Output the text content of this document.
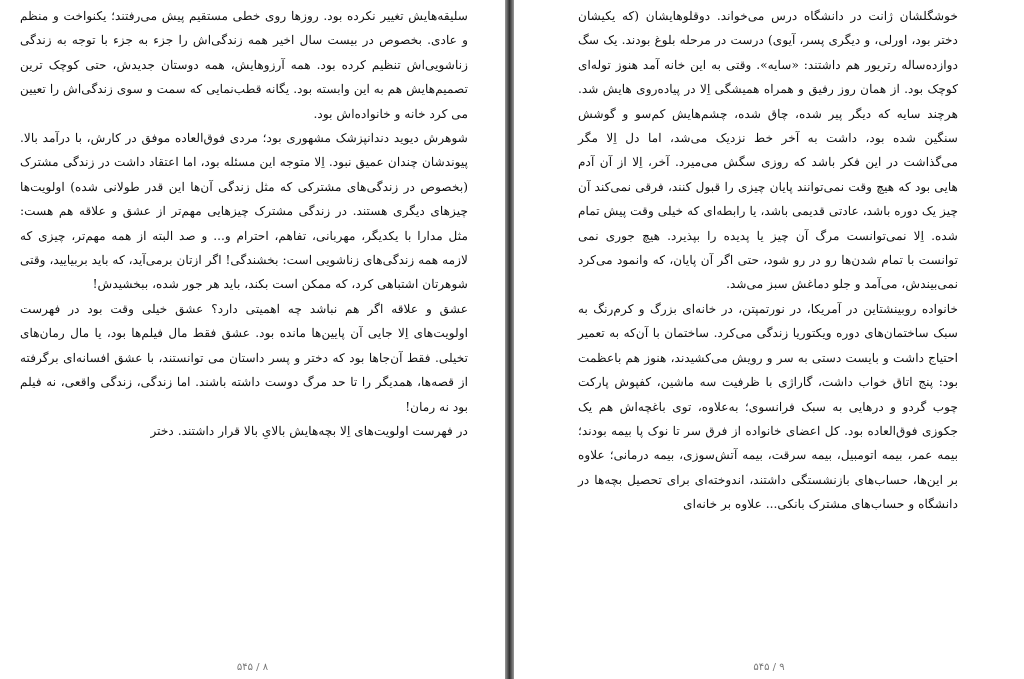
سلیقه‌هایش تغییر نکرده بود. روزها روی خطی مستقیم پیش می‌رفتند؛ یکنواخت و منظم و عادی. بخصوص در بیست سال اخیر همه زندگی‌اش را جزء به جزء با توجه به زندگی زناشویی‌اش تنظیم کرده بود. همه آرزوهایش، همه دوستان جدیدش، حتی کوچک ترین تصمیم‌هایش هم به این وابسته بود. یگانه قطب‌نمایی که سمت و سوی زندگی‌اش را تعیین می کرد خانه و خانواده‌اش بود.

شوهرش دیوید دندانپزشک مشهوری بود؛ مردی فوق‌العاده موفق در کارش، با درآمد بالا. پیوندشان چندان عمیق نبود. اِلا متوجه این مسئله بود، اما اعتقاد داشت در زندگی مشترک (بخصوص در زندگی‌های مشترکی که مثل زندگی آن‌ها این قدر طولانی شده) اولویت‌ها چیزهای دیگری هستند. در زندگی مشترک چیزهایی مهم‌تر از عشق و علاقه هم هست: مثل مدارا با یکدیگر، مهربانی، تفاهم، احترام و... و صد البته از همه مهم‌تر، چیزی که لازمه همه زندگی‌های زناشویی است: بخشندگی! اگر ازتان برمی‌آید، که باید بربیایید، وقتی شوهرتان اشتباهی کرد، که ممکن است بکند، باید هر جور شده، ببخشیدش!

عشق و علاقه اگر هم نباشد چه اهمیتی دارد؟ عشق خیلی وقت بود در فهرست اولویت‌های اِلا جایی آن پایین‌ها مانده بود. عشق فقط مال فیلم‌ها بود، یا مال رمان‌های تخیلی. فقط آن‌جاها بود که دختر و پسر داستان می توانستند، با عشق افسانه‌ای برگرفته از قصه‌ها، همدیگر را تا حد مرگ دوست داشته باشند. اما زندگی، زندگی واقعی، نه فیلم بود نه رمان!

در فهرست اولویت‌های اِلا بچه‌هایش بالایِ بالا قرار داشتند. دختر

۵۴۵ / ۸

خوشگلشان ژانت در دانشگاه درس می‌خواند. دوقلوهایشان (که یکیشان دختر بود، اورلی، و دیگری پسر، آیوی) درست در مرحله بلوغ بودند. یک سگ دوازده‌ساله رتریور هم داشتند: «سایه». وقتی به این خانه آمد هنوز توله‌ای کوچک بود. از همان روز رفیق و همراه همیشگی اِلا در پیاده‌روی هایش شد. هرچند سایه که دیگر پیر شده، چاق شده، چشم‌هایش کم‌سو و گوشش سنگین شده بود، داشت به آخر خط نزدیک می‌شد، اما دل اِلا مگر می‌گذاشت در این فکر باشد که روزی سگش می‌میرد. آخر، اِلا از آن آدم هایی بود که هیچ وقت نمی‌توانند پایان چیزی را قبول کنند، فرقی نمی‌کند آن چیز یک دوره باشد، عادتی قدیمی باشد، یا رابطه‌ای که خیلی وقت پیش تمام شده. اِلا نمی‌توانست مرگ آن چیز یا پدیده را بپذیرد. هیچ جوری نمی توانست با تمام شدن‌ها رو در رو شود، حتی اگر آن پایان، که وانمود می‌کرد نمی‌بیندش، می‌آمد و جلو دماغش سبز می‌شد.

خانواده روبینشتاین در آمریکا، در نورتمپتن، در خانه‌ای بزرگ و کرم‌رنگ به سبک ساختمان‌های دوره ویکتوریا زندگی می‌کرد. ساختمان با آن‌که به تعمیر احتیاج داشت و بایست دستی به سر و رویش می‌کشیدند، هنوز هم باعظمت بود: پنج اتاق خواب داشت، گاراژی با ظرفیت سه ماشین، کفپوش پارکت چوب گردو و درهایی به سبک فرانسوی؛ به‌علاوه، توی باغچه‌اش هم یک جکوزی فوق‌العاده بود. کل اعضای خانواده از فرق سر تا نوک پا بیمه بودند؛ بیمه عمر، بیمه اتومبیل، بیمه سرقت، بیمه آتش‌سوزی، بیمه درمانی؛ علاوه بر این‌ها، حساب‌های بازنشستگی داشتند، اندوخته‌ای برای تحصیل بچه‌ها در دانشگاه و حساب‌های مشترک بانکی... علاوه بر خانه‌ای

۵۴۵ / ۹
